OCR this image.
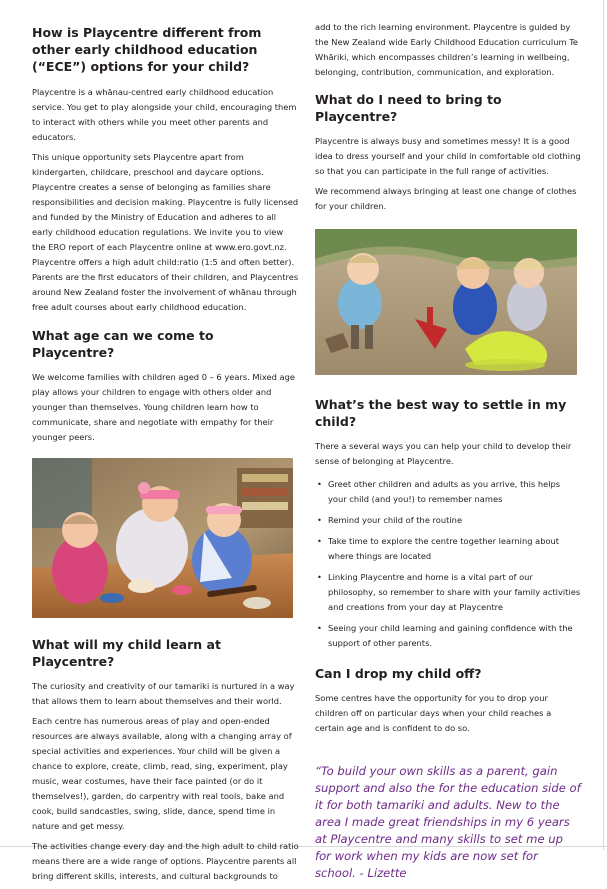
How is Playcentre different from other early childhood education (“ECE”) options for your child?

Playcentre is a whānau-centred early childhood education service. You get to play alongside your child, encouraging them to interact with others while you meet other parents and educators.

This unique opportunity sets Playcentre apart from kindergarten, childcare, preschool and daycare options. Playcentre creates a sense of belonging as families share responsibilities and decision making. Playcentre is fully licensed and funded by the Ministry of Education and adheres to all early childhood education regulations. We invite you to view the ERO report of each Playcentre online at www.ero.govt.nz. Playcentre offers a high adult child:ratio (1:5 and often better). Parents are the first educators of their children, and Playcentres around New Zealand foster the involvement of whānau through free adult courses about early childhood education.

What age can we come to Playcentre?

We welcome families with children aged 0 – 6 years. Mixed age play allows your children to engage with others older and younger than themselves. Young children learn how to communicate, share and negotiate with empathy for their younger peers.

What will my child learn at Playcentre?

The curiosity and creativity of our tamariki is nurtured in a way that allows them to learn about themselves and their world.

Each centre has numerous areas of play and open-ended resources are always available, along with a changing array of special activities and experiences. Your child will be given a chance to explore, create, climb, read, sing, experiment, play music, wear costumes, have their face painted (or do it themselves!), garden, do carpentry with real tools, bake and cook, build sandcastles, swing, slide, dance, spend time in nature and get messy.

The activities change every day and the high adult to child ratio means there are a wide range of options. Playcentre parents all bring different skills, interests, and cultural backgrounds to

add to the rich learning environment. Playcentre is guided by the New Zealand wide Early Childhood Education curriculum Te Whāriki, which encompasses children’s learning in wellbeing, belonging, contribution, communication, and exploration.

What do I need to bring to Playcentre?

Playcentre is always busy and sometimes messy! It is a good idea to dress yourself and your child in comfortable old clothing so that you can participate in the full range of activities.

We recommend always bringing at least one change of clothes for your children.

What’s the best way to settle in my child?

There a several ways you can help your child to develop their sense of belonging at Playcentre.

• Greet other children and adults as you arrive, this helps your child (and you!) to remember names
• Remind your child of the routine
• Take time to explore the centre together learning about where things are located
• Linking Playcentre and home is a vital part of our philosophy, so remember to share with your family activities and creations from your day at Playcentre
• Seeing your child learning and gaining confidence with the support of other parents.
Can I drop my child off?

Some centres have the opportunity for you to drop your children off on particular days when your child reaches a certain age and is confident to do so.

“To build your own skills as a parent, gain support and also the for the education side of it for both tamariki and adults. New to the area I made great friendships in my 6 years at Playcentre and many skills to set me up for work when my kids are now set for school. - Lizette
